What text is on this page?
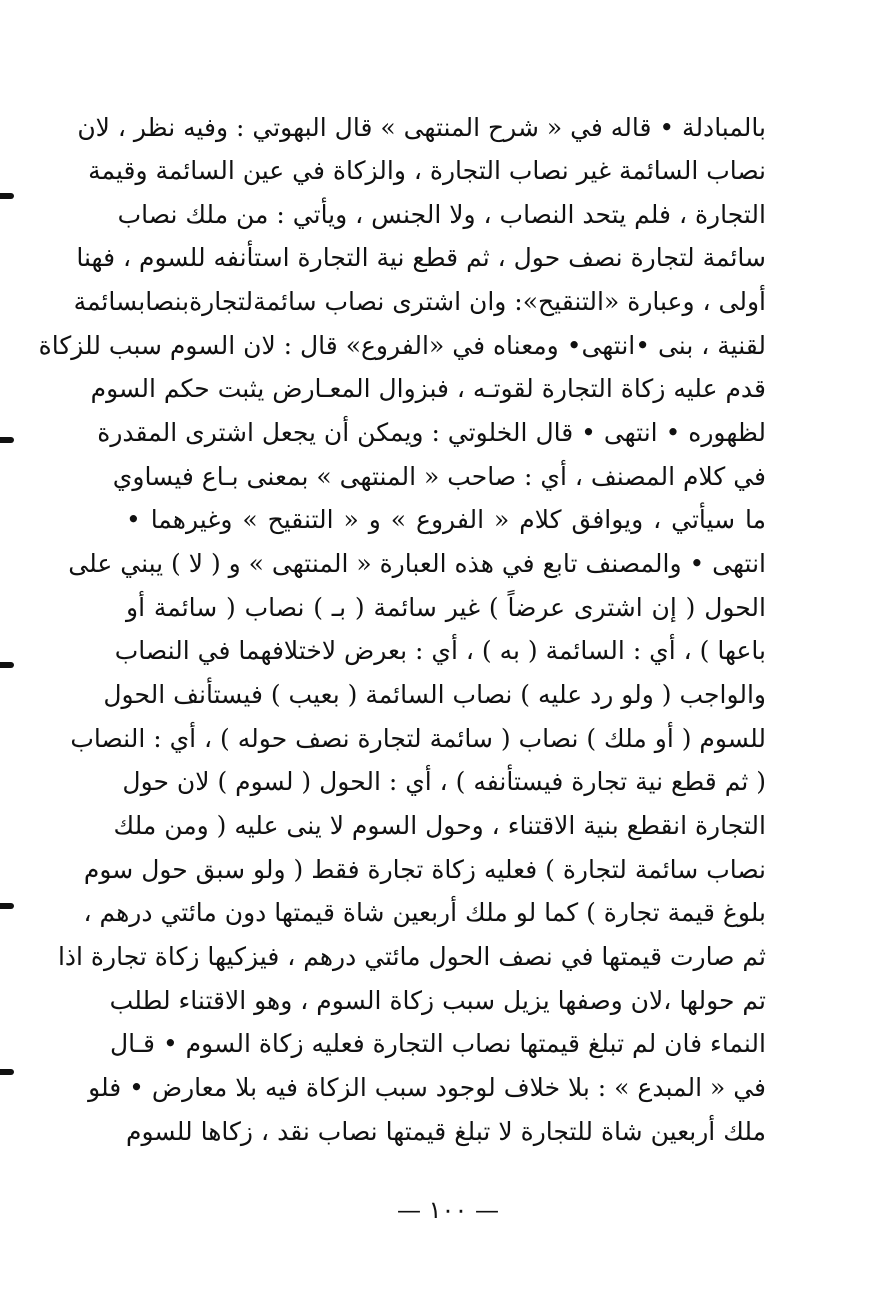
بالمبادلة • قاله في « شرح المنتهى » قال البهوتي : وفيه نظر ، لان
نصاب السائمة غير نصاب التجارة ، والزكاة في عين السائمة وقيمة
التجارة ، فلم يتحد النصاب ، ولا الجنس ، ويأتي : من ملك نصاب
سائمة لتجارة نصف حول ، ثم قطع نية التجارة استأنفه للسوم ، فهنا
أولى ، وعبارة «التنقيح»: وان اشترى نصاب سائمةلتجارةبنصابسائمة
لقنية ، بنى •انتهى• ومعناه في «الفروع» قال : لان السوم سبب للزكاة
قدم عليه زكاة التجارة لقوتـه ، فبزوال المعـارض يثبت حكم السوم
لظهوره • انتهى • قال الخلوتي : ويمكن أن يجعل اشترى المقدرة
في كلام المصنف ، أي : صاحب « المنتهى » بمعنى بـاع فيساوي
ما سيأتي ، ويوافق كلام « الفروع » و « التنقيح » وغيرهما •
انتهى • والمصنف تابع في هذه العبارة « المنتهى » و ( لا ) يبني على
الحول ( إن اشترى عرضاً ) غير سائمة ( بـ ) نصاب ( سائمة أو
باعها ) ، أي : السائمة ( به ) ، أي : بعرض لاختلافهما في النصاب
والواجب ( ولو رد عليه ) نصاب السائمة ( بعيب ) فيستأنف الحول
للسوم ( أو ملك ) نصاب ( سائمة لتجارة نصف حوله ) ، أي : النصاب
( ثم قطع نية تجارة فيستأنفه ) ، أي : الحول ( لسوم ) لان حول
التجارة انقطع بنية الاقتناء ، وحول السوم لا ينى عليه ( ومن ملك
نصاب سائمة لتجارة ) فعليه زكاة تجارة فقط ( ولو سبق حول سوم
بلوغ قيمة تجارة ) كما لو ملك أربعين شاة قيمتها دون مائتي درهم ،
ثم صارت قيمتها في نصف الحول مائتي درهم ، فيزكيها زكاة تجارة اذا
تم حولها ،لان وصفها يزيل سبب زكاة السوم ، وهو الاقتناء لطلب
النماء فان لم تبلغ قيمتها نصاب التجارة فعليه زكاة السوم • قـال
في « المبدع » : بلا خلاف لوجود سبب الزكاة فيه بلا معارض • فلو
ملك أربعين شاة للتجارة لا تبلغ قيمتها نصاب نقد ، زكاها للسوم
— ١٠٠ —
